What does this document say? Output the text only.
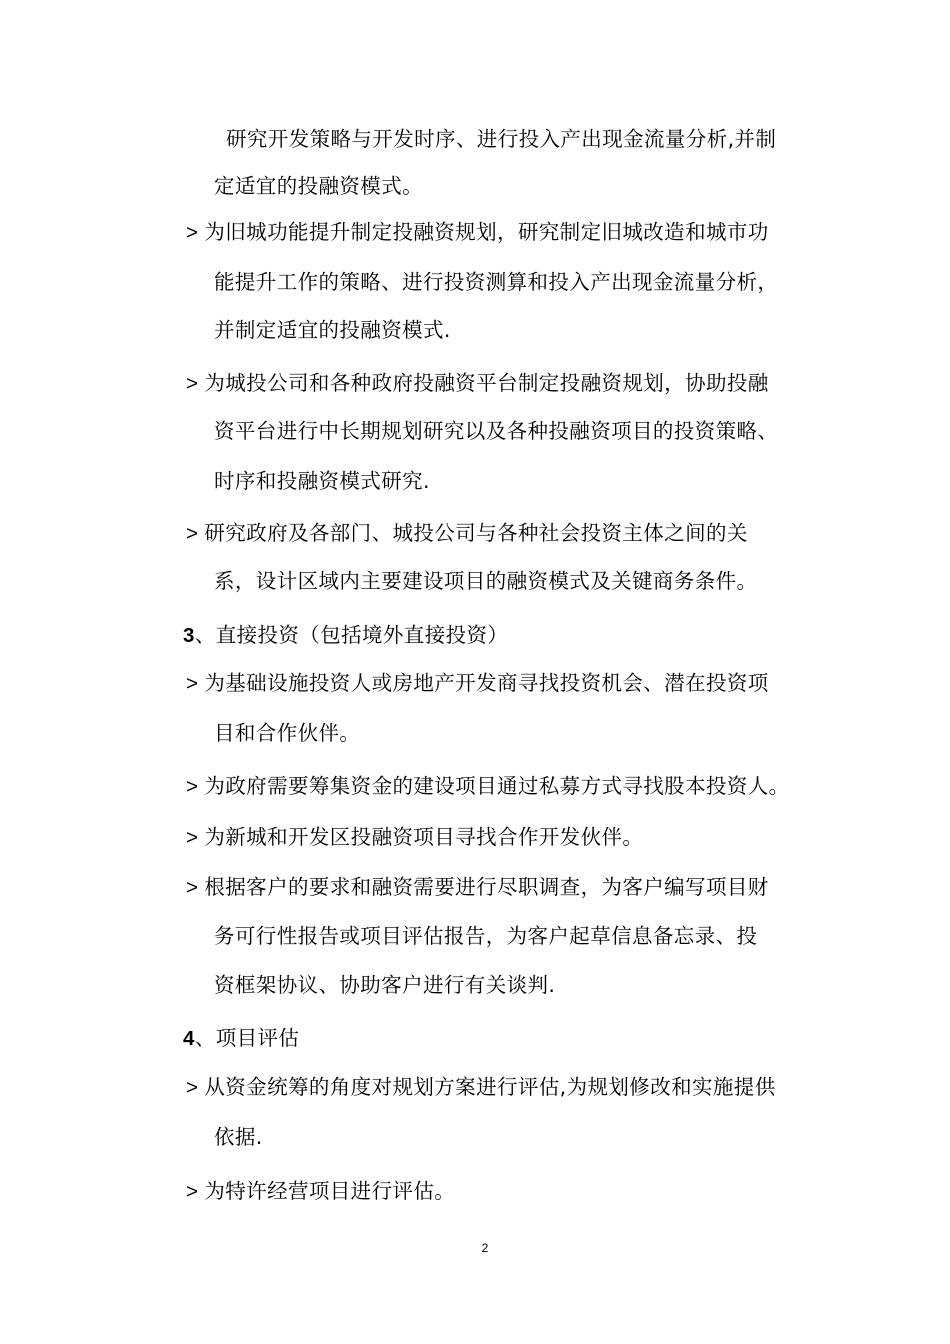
研究开发策略与开发时序、进行投入产出现金流量分析,并制
定适宜的投融资模式。
> 为旧城功能提升制定投融资规划，研究制定旧城改造和城市功
能提升工作的策略、进行投资测算和投入产出现金流量分析，
并制定适宜的投融资模式.
> 为城投公司和各种政府投融资平台制定投融资规划，协助投融
资平台进行中长期规划研究以及各种投融资项目的投资策略、
时序和投融资模式研究.
> 研究政府及各部门、城投公司与各种社会投资主体之间的关
系，设计区域内主要建设项目的融资模式及关键商务条件。
3、直接投资（包括境外直接投资）
> 为基础设施投资人或房地产开发商寻找投资机会、潜在投资项
目和合作伙伴。
> 为政府需要筹集资金的建设项目通过私募方式寻找股本投资人。
> 为新城和开发区投融资项目寻找合作开发伙伴。
> 根据客户的要求和融资需要进行尽职调查，为客户编写项目财
务可行性报告或项目评估报告，为客户起草信息备忘录、投
资框架协议、协助客户进行有关谈判.
4、项目评估
> 从资金统筹的角度对规划方案进行评估,为规划修改和实施提供
依据.
> 为特许经营项目进行评估。
2
